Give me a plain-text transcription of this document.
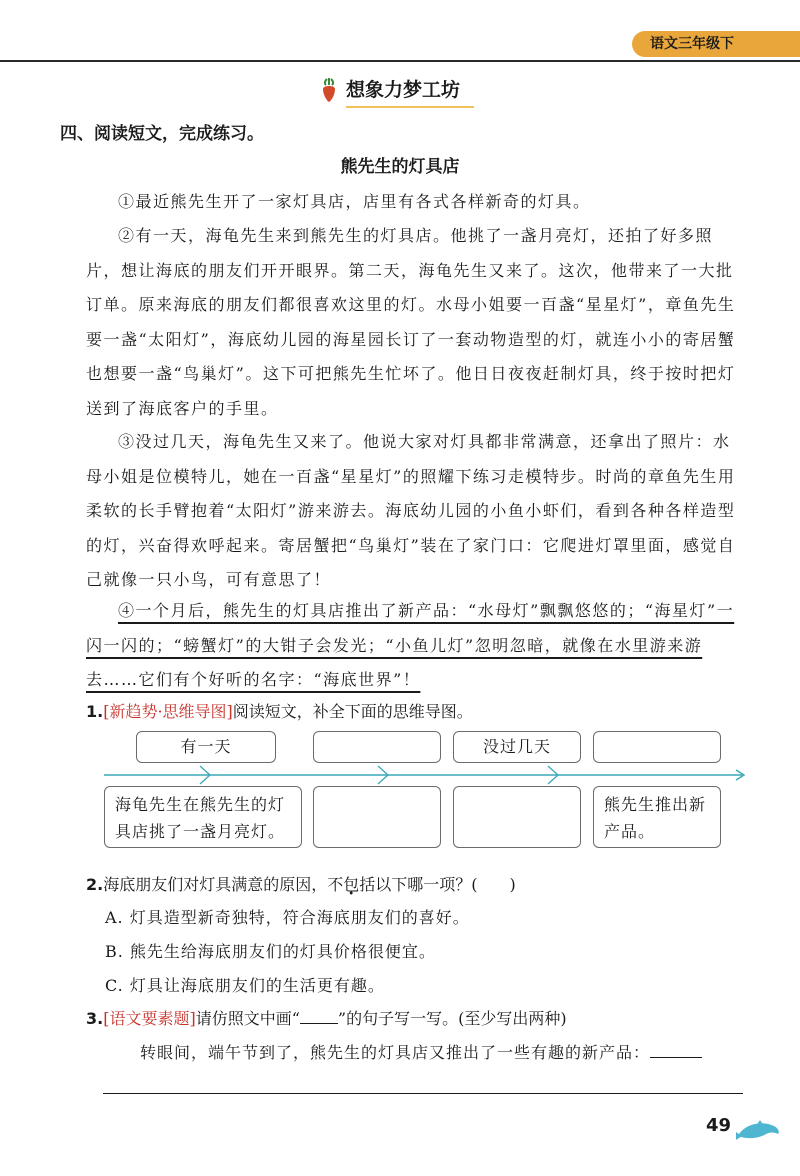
语文三年级下
想象力梦工坊
四、阅读短文，完成练习。
熊先生的灯具店
①最近熊先生开了一家灯具店，店里有各式各样新奇的灯具。
②有一天，海龟先生来到熊先生的灯具店。他挑了一盏月亮灯，还拍了好多照片，想让海底的朋友们开开眼界。第二天，海龟先生又来了。这次，他带来了一大批订单。原来海底的朋友们都很喜欢这里的灯。水母小姐要一百盏“星星灯”，章鱼先生要一盏“太阳灯”，海底幼儿园的海星园长订了一套动物造型的灯，就连小小的寄居蟹也想要一盏“鸟巢灯”。这下可把熊先生忙坏了。他日日夜夜赶制灯具，终于按时把灯送到了海底客户的手里。
③没过几天，海龟先生又来了。他说大家对灯具都非常满意，还拿出了照片：水母小姐是位模特儿，她在一百盏“星星灯”的照耀下练习走模特步。时尚的章鱼先生用柔软的长手臂抱着“太阳灯”游来游去。海底幼儿园的小鱼小虾们，看到各种各样造型的灯，兴奋得欢呼起来。寄居蟹把“鸟巢灯”装在了家门口：它爬进灯罩里面，感觉自己就像一只小鸟，可有意思了！
④一个月后，熊先生的灯具店推出了新产品：“水母灯”飘飘悠悠的；“海星灯”一闪一闪的；“螃蟹灯”的大钳子会发光；“小鱼儿灯”忽明忽暗，就像在水里游来游去……它们有个好听的名字：“海底世界”！
1.[新趋势·思维导图]阅读短文，补全下面的思维导图。
有一天	没过几天
海龟先生在熊先生的灯具店挑了一盏月亮灯。
熊先生推出新产品。
2.海底朋友们对灯具满意的原因，不包括以下哪一项？(　　)
A. 灯具造型新奇独特，符合海底朋友们的喜好。
B. 熊先生给海底朋友们的灯具价格很便宜。
C. 灯具让海底朋友们的生活更有趣。
3.[语文要素题]请仿照文中画“ ”的句子写一写。(至少写出两种)
转眼间，端午节到了，熊先生的灯具店又推出了一些有趣的新产品：
49
